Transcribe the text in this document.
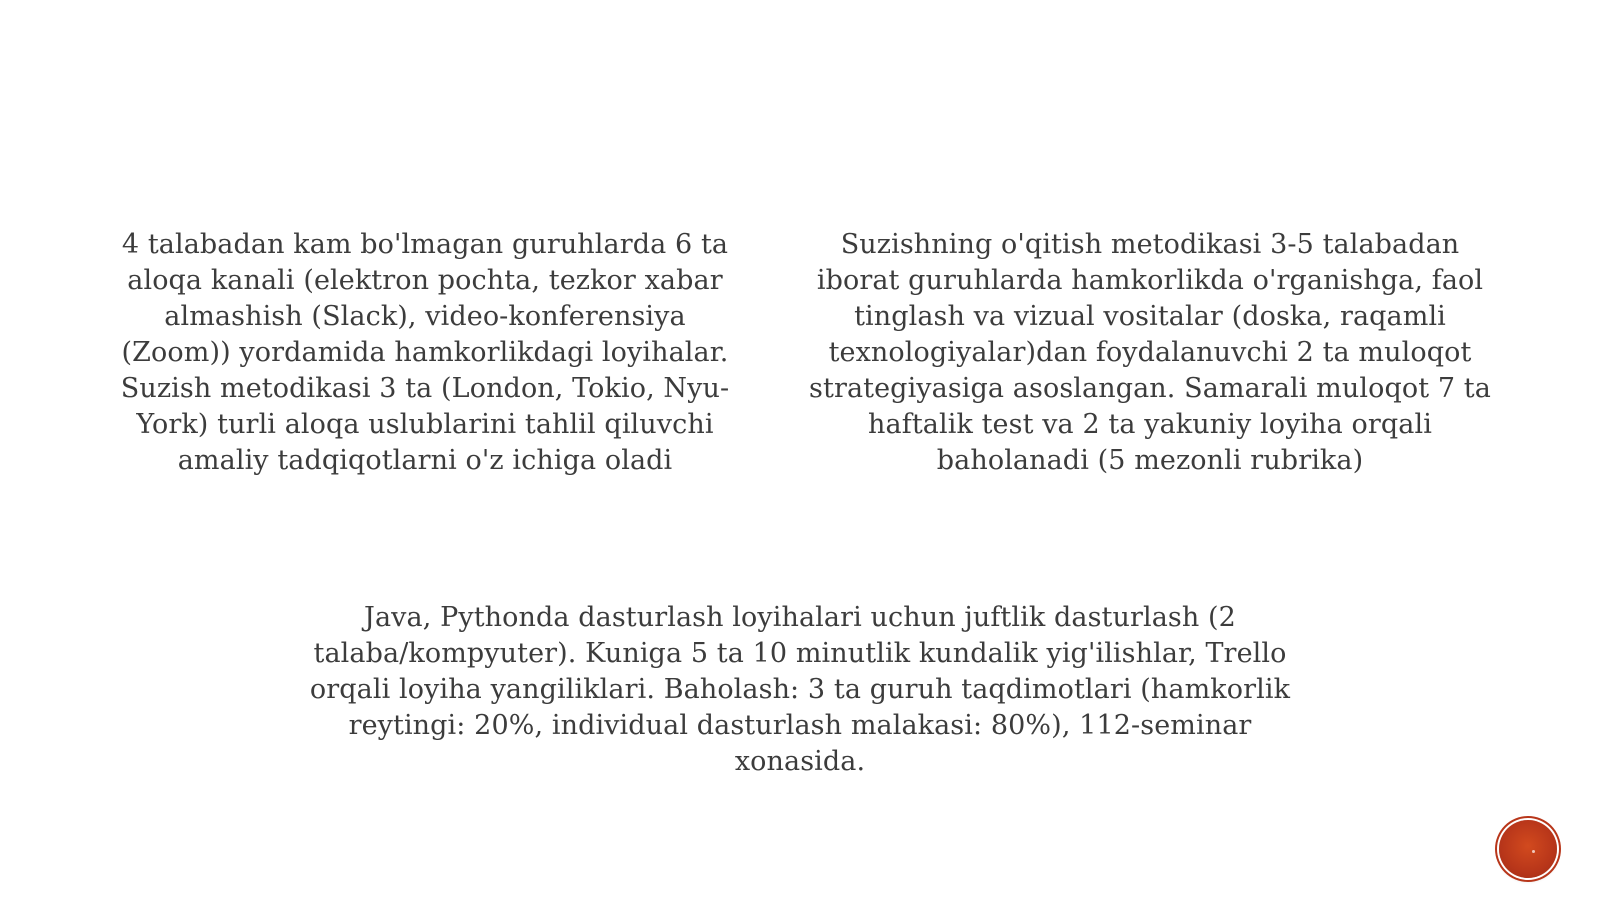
4 talabadan kam bo'lmagan guruhlarda 6 ta
aloqa kanali (elektron pochta, tezkor xabar
almashish (Slack), video-konferensiya
(Zoom)) yordamida hamkorlikdagi loyihalar.
Suzish metodikasi 3 ta (London, Tokio, Nyu-
York) turli aloqa uslublarini tahlil qiluvchi
amaliy tadqiqotlarni o'z ichiga oladi
Suzishning o'qitish metodikasi 3-5 talabadan
iborat guruhlarda hamkorlikda o'rganishga, faol
tinglash va vizual vositalar (doska, raqamli
texnologiyalar)dan foydalanuvchi 2 ta muloqot
strategiyasiga asoslangan. Samarali muloqot 7 ta
haftalik test va 2 ta yakuniy loyiha orqali
baholanadi (5 mezonli rubrika)
Java, Pythonda dasturlash loyihalari uchun juftlik dasturlash (2
talaba/kompyuter). Kuniga 5 ta 10 minutlik kundalik yig'ilishlar, Trello
orqali loyiha yangiliklari. Baholash: 3 ta guruh taqdimotlari (hamkorlik
reytingi: 20%, individual dasturlash malakasi: 80%), 112-seminar
xonasida.
